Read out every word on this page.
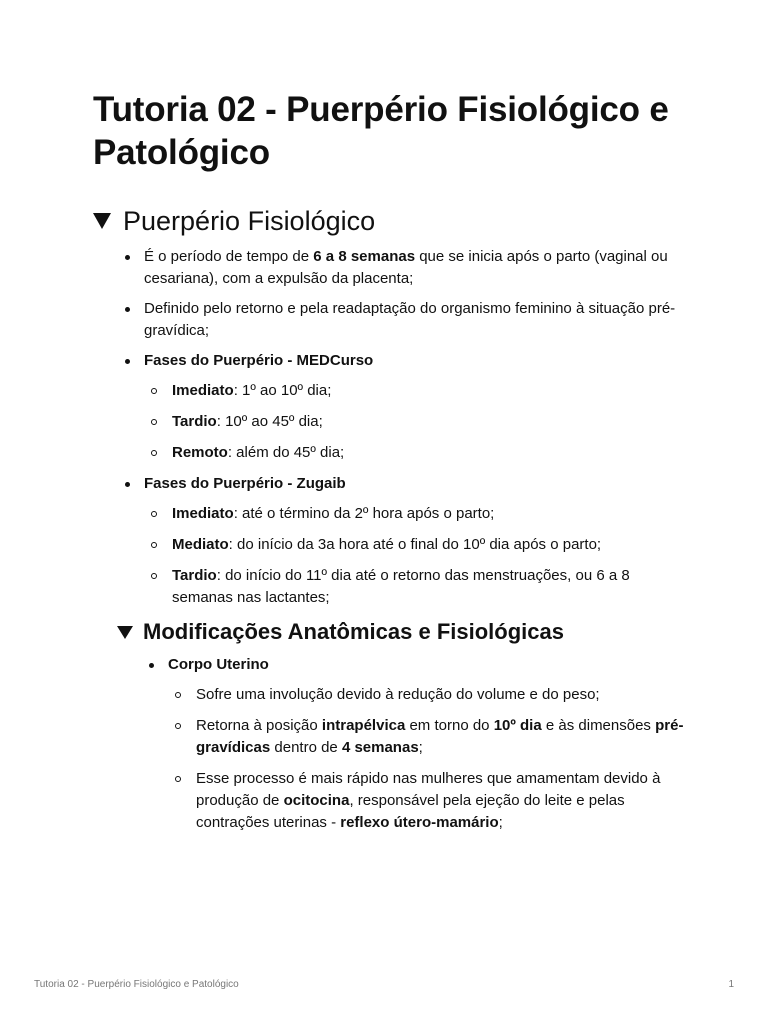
Tutoria 02 - Puerpério Fisiológico e Patológico
Puerpério Fisiológico
É o período de tempo de 6 a 8 semanas que se inicia após o parto (vaginal ou cesariana), com a expulsão da placenta;
Definido pelo retorno e pela readaptação do organismo feminino à situação pré-gravídica;
Fases do Puerpério - MEDCurso
Imediato: 1º ao 10º dia;
Tardio: 10º ao 45º dia;
Remoto: além do 45º dia;
Fases do Puerpério - Zugaib
Imediato: até o término da 2º hora após o parto;
Mediato: do início da 3a hora até o final do 10º dia após o parto;
Tardio: do início do 11º dia até o retorno das menstruações, ou 6 a 8 semanas nas lactantes;
Modificações Anatômicas e Fisiológicas
Corpo Uterino
Sofre uma involução devido à redução do volume e do peso;
Retorna à posição intrapélvica em torno do 10º dia e às dimensões pré-gravídicas dentro de 4 semanas;
Esse processo é mais rápido nas mulheres que amamentam devido à produção de ocitocina, responsável pela ejeção do leite e pelas contrações uterinas - reflexo útero-mamário;
Tutoria 02 - Puerpério Fisiológico e Patológico	1
